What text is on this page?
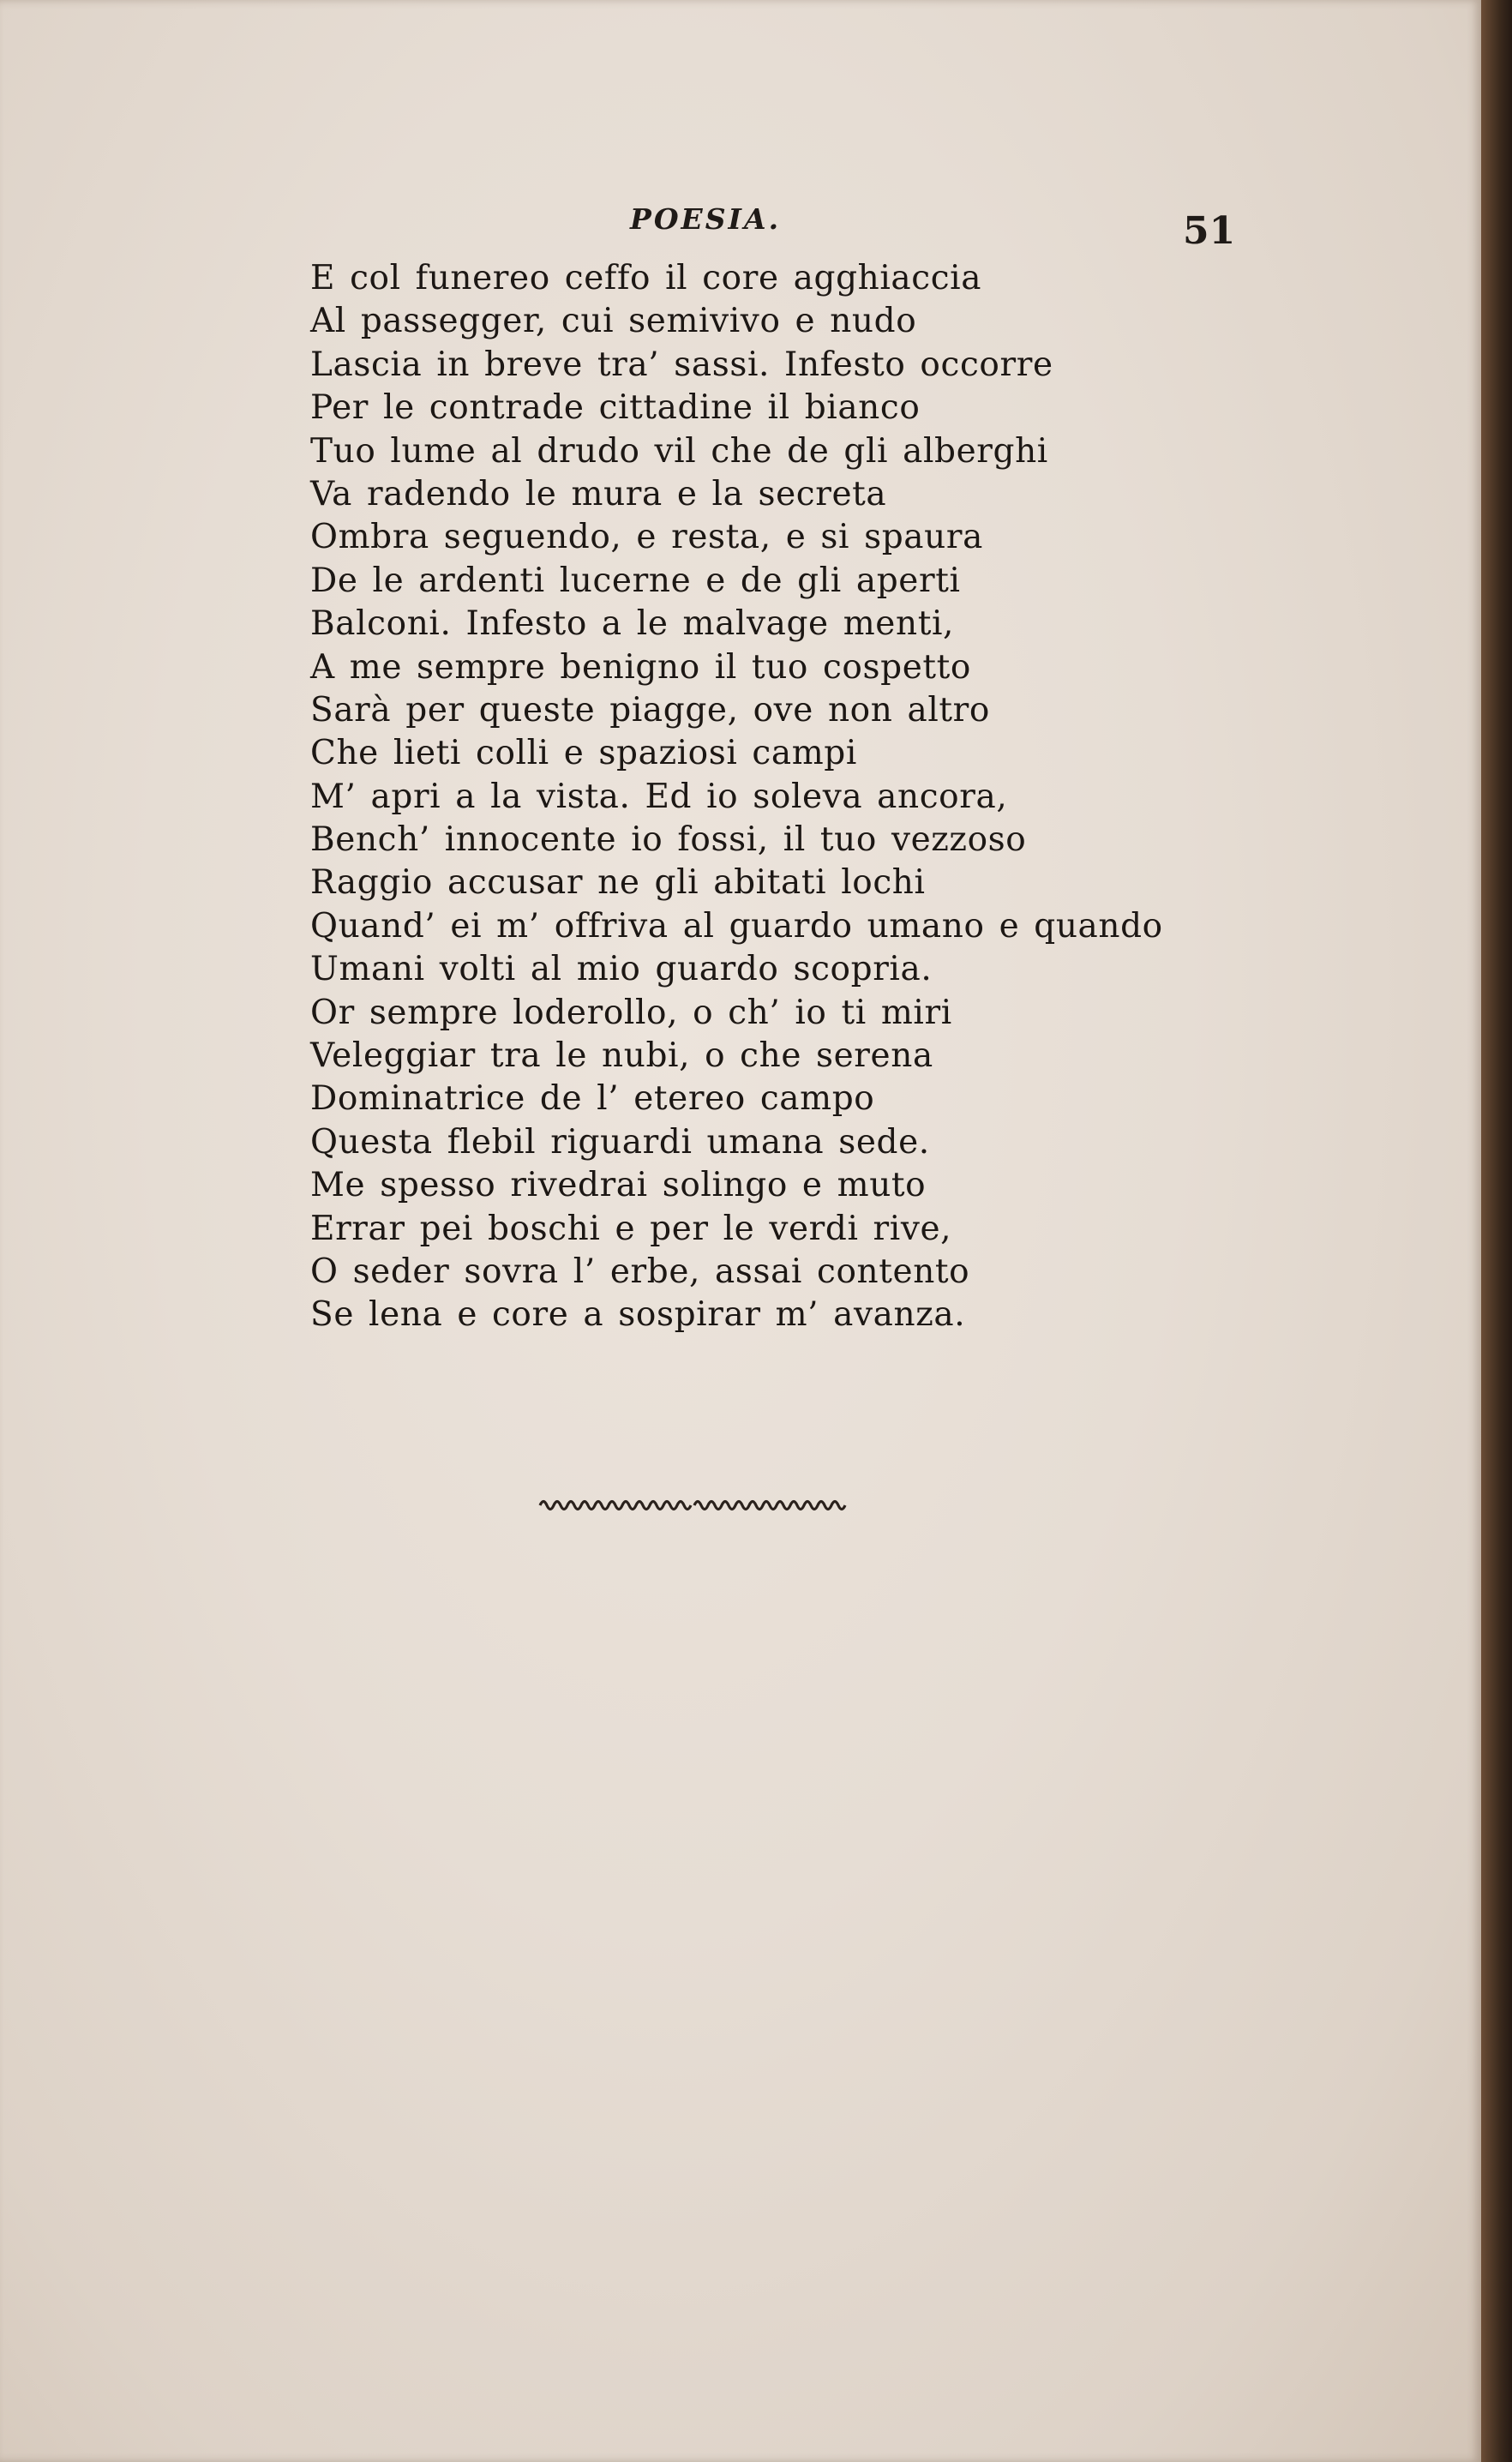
POESIA.	51
E col funereo ceffo il core agghiaccia
Al passegger, cui semivivo e nudo
Lascia in breve tra’ sassi. Infesto occorre
Per le contrade cittadine il bianco
Tuo lume al drudo vil che de gli alberghi
Va radendo le mura e la secreta
Ombra seguendo, e resta, e si spaura
De le ardenti lucerne e de gli aperti
Balconi. Infesto a le malvage menti,
A me sempre benigno il tuo cospetto
Sarà per queste piagge, ove non altro
Che lieti colli e spaziosi campi
M’ apri a la vista. Ed io soleva ancora,
Bench’ innocente io fossi, il tuo vezzoso
Raggio accusar ne gli abitati lochi
Quand’ ei m’ offriva al guardo umano e quando
Umani volti al mio guardo scopria.
Or sempre loderollo, o ch’ io ti miri
Veleggiar tra le nubi, o che serena
Dominatrice de l’ etereo campo
Questa flebil riguardi umana sede.
Me spesso rivedrai solingo e muto
Errar pei boschi e per le verdi rive,
O seder sovra l’ erbe, assai contento
Se lena e core a sospirar m’ avanza.
